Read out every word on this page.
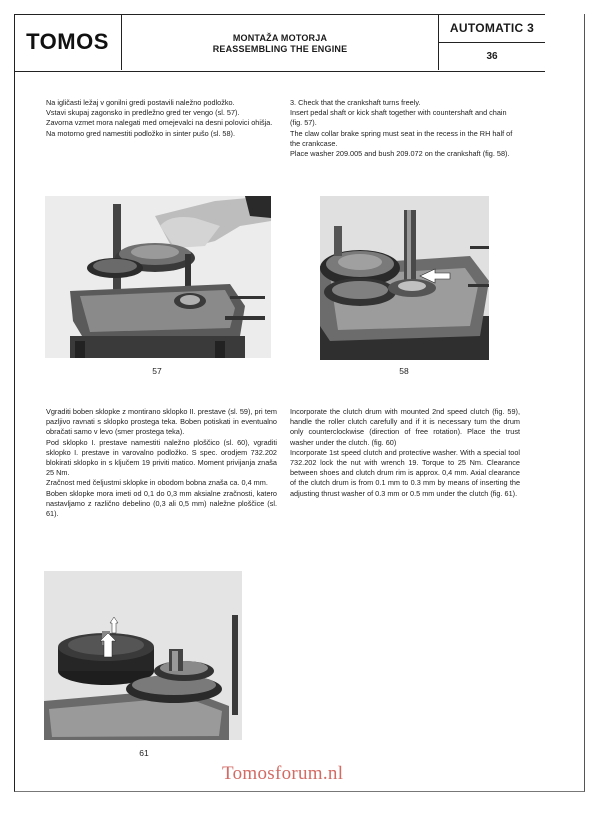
TOMOS	MONTAŽA MOTORJA
REASSEMBLING THE ENGINE
AUTOMATIC 3
36

Na igličasti ležaj v gonilni gredi postavili naležno podložko.

Vstavi skupaj zagonsko in predležno gred ter vengo (sl. 57).

Zavorna vzmet mora nalegati med omejevalci na desni polovici ohišja.

Na motorno gred namestiti podložko in sinter pušo (sl. 58).

3. Check that the crankshaft turns freely.

Insert pedal shaft or kick shaft together with countershaft and chain (fig. 57).

The claw collar brake spring must seat in the recess in the RH half of the crankcase.

Place washer 209.005 and bush 209.072 on the crankshaft (fig. 58).

57	58

Vgraditi boben sklopke z montirano sklopko II. prestave (sl. 59), pri tem pazljivo ravnati s sklopko prostega teka. Boben potiskati in eventualno obračati samo v levo (smer prostega teka).

Pod sklopko I. prestave namestiti naležno ploščico (sl. 60), vgraditi sklopko I. prestave in varovalno podložko. S spec. orodjem 732.202 blokirati sklopko in s ključem 19 priviti matico. Moment privijanja znaša 25 Nm.

Zračnost med čeljustmi sklopke in obodom bobna znaša ca. 0,4 mm.

Boben sklopke mora imeti od 0,1 do 0,3 mm aksialne zračnosti, katero nastavljamo z različno debelino (0,3 ali 0,5 mm) naležne ploščice (sl. 61).

Incorporate the clutch drum with mounted 2nd speed clutch (fig. 59), handle the roller clutch carefully and if it is necessary turn the drum only counterclockwise (direction of free rotation). Place the trust washer under the clutch. (fig. 60)

Incorporate 1st speed clutch and protective washer. With a special tool 732.202 lock the nut with wrench 19. Torque to 25 Nm. Clearance between shoes and clutch drum rim is approx. 0,4 mm. Axial clearance of the clutch drum is from 0.1 mm to 0.3 mm by means of inserting the adjusting thrust washer of 0.3 mm or 0.5 mm under the clutch (fig. 61).

61
Tomosforum.nl
